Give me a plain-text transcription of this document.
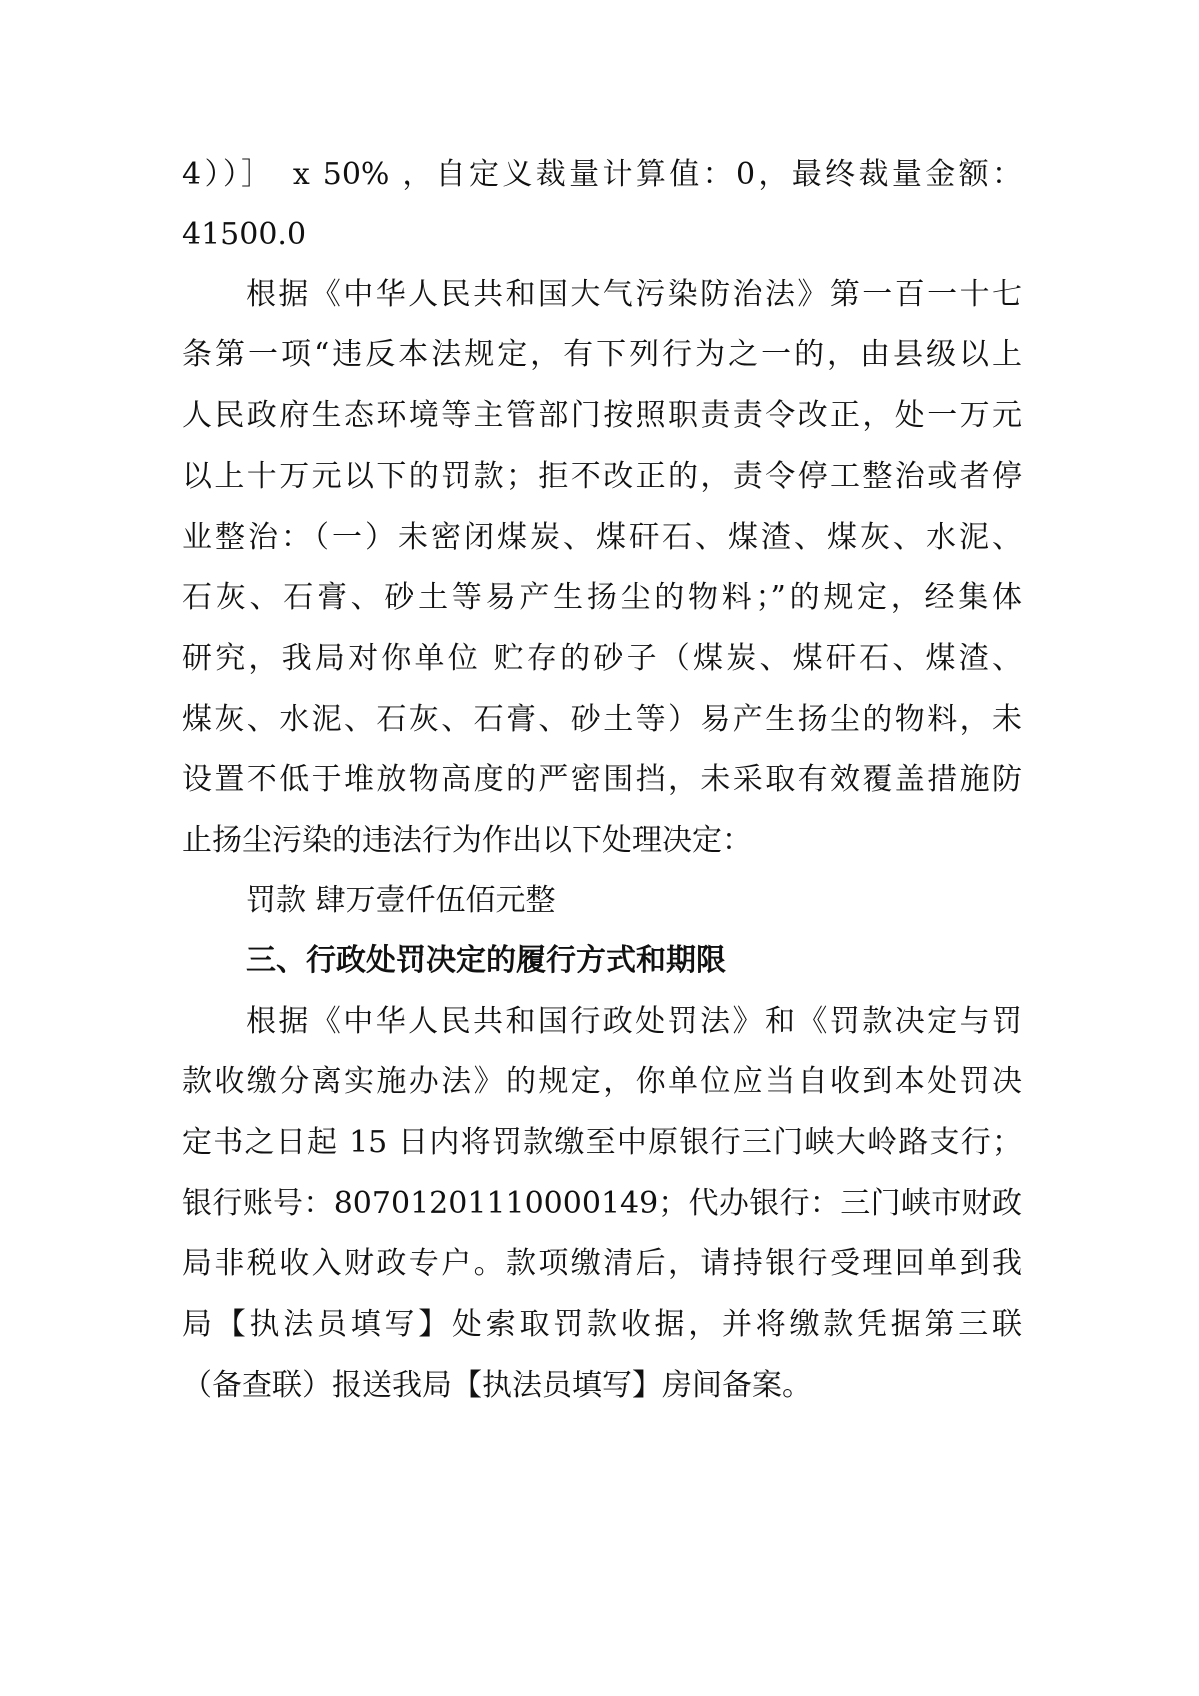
4））］　x 50% ，自定义裁量计算值：0，最终裁量金额：
41500.0
根据《中华人民共和国大气污染防治法》第一百一十七
条第一项“违反本法规定，有下列行为之一的，由县级以上
人民政府生态环境等主管部门按照职责责令改正，处一万元
以上十万元以下的罚款；拒不改正的，责令停工整治或者停
业整治：（一）未密闭煤炭、煤矸石、煤渣、煤灰、水泥、
石灰、石膏、砂土等易产生扬尘的物料；”的规定，经集体
研究，我局对你单位 贮存的砂子（煤炭、煤矸石、煤渣、
煤灰、水泥、石灰、石膏、砂土等）易产生扬尘的物料，未
设置不低于堆放物高度的严密围挡，未采取有效覆盖措施防
止扬尘污染的违法行为作出以下处理决定：
罚款 肆万壹仟伍佰元整
三、行政处罚决定的履行方式和期限
根据《中华人民共和国行政处罚法》和《罚款决定与罚
款收缴分离实施办法》的规定，你单位应当自收到本处罚决
定书之日起 15 日内将罚款缴至中原银行三门峡大岭路支行；
银行账号：80701201110000149；代办银行：三门峡市财政
局非税收入财政专户。款项缴清后，请持银行受理回单到我
局【执法员填写】处索取罚款收据，并将缴款凭据第三联
（备查联）报送我局【执法员填写】房间备案。
